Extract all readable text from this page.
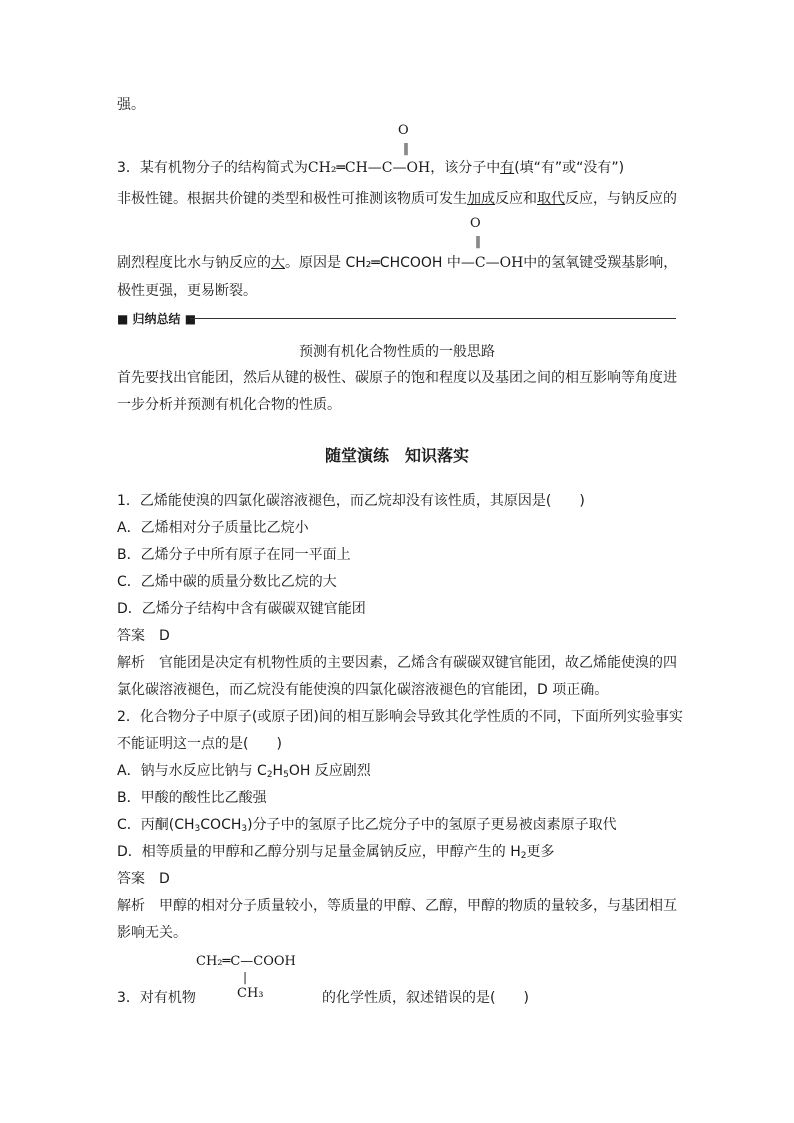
强。
O
‖
3．某有机物分子的结构简式为CH₂═CH—C—OH，该分子中有(填“有”或“没有”)
非极性键。根据共价键的类型和极性可推测该物质可发生加成反应和取代反应，与钠反应的
O
‖
剧烈程度比水与钠反应的大。原因是 CH₂═CHCOOH 中—C—OH中的氢氧键受羰基影响，
极性更强，更易断裂。
■ 归纳总结 ■
预测有机化合物性质的一般思路
首先要找出官能团，然后从键的极性、碳原子的饱和程度以及基团之间的相互影响等角度进
一步分析并预测有机化合物的性质。
随堂演练　知识落实
1．乙烯能使溴的四氯化碳溶液褪色，而乙烷却没有该性质，其原因是(　　)
A．乙烯相对分子质量比乙烷小
B．乙烯分子中所有原子在同一平面上
C．乙烯中碳的质量分数比乙烷的大
D．乙烯分子结构中含有碳碳双键官能团
答案　D
解析　官能团是决定有机物性质的主要因素，乙烯含有碳碳双键官能团，故乙烯能使溴的四
氯化碳溶液褪色，而乙烷没有能使溴的四氯化碳溶液褪色的官能团，D 项正确。
2．化合物分子中原子(或原子团)间的相互影响会导致其化学性质的不同，下面所列实验事实
不能证明这一点的是(　　)
A．钠与水反应比钠与 $C_2H_5OH$ 反应剧烈
B．甲酸的酸性比乙酸强
C．丙酮$(CH_3COCH_3)$分子中的氢原子比乙烷分子中的氢原子更易被卤素原子取代
D．相等质量的甲醇和乙醇分别与足量金属钠反应，甲醇产生的 $H_2$更多
答案　D
解析　甲醇的相对分子质量较小，等质量的甲醇、乙醇，甲醇的物质的量较多，与基团相互
影响无关。
CH₂═C—COOH
|
CH₃
3．对有机物	的化学性质，叙述错误的是(　　)
